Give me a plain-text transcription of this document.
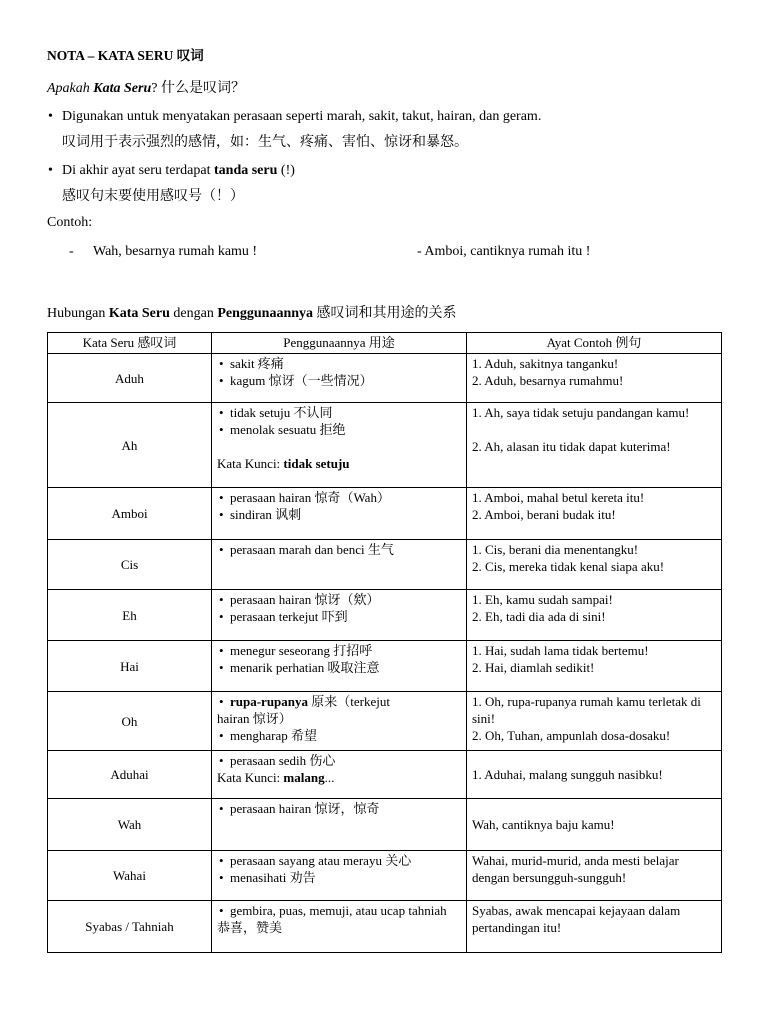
NOTA – KATA SERU 叹词
Apakah Kata Seru? 什么是叹词？
• Digunakan untuk menyatakan perasaan seperti marah, sakit, takut, hairan, dan geram.
叹词用于表示强烈的感情，如：生气、疼痛、害怕、惊讶和暴怒。
• Di akhir ayat seru terdapat tanda seru (!)
感叹句末要使用感叹号（！）
Contoh:
- Wah, besarnya rumah kamu !	- Amboi, cantiknya rumah itu !
Hubungan Kata Seru dengan Penggunaannya 感叹词和其用途的关系
Kata Seru 感叹词	Penggunaannya 用途	Ayat Contoh 例句
Aduh	• sakit 疼痛
• kagum 惊讶（一些情况）	1. Aduh, sakitnya tanganku!
2. Aduh, besarnya rumahmu!

Ah	• tidak setuju 不认同
• menolak sesuatu 拒绝
Kata Kunci: tidak setuju	1. Ah, saya tidak setuju pandangan kamu!
2. Ah, alasan itu tidak dapat kuterima!

Amboi	• perasaan hairan 惊奇（Wah）
• sindiran 讽刺	1. Amboi, mahal betul kereta itu!
2. Amboi, berani budak itu!

Cis	• perasaan marah dan benci 生气	1. Cis, berani dia menentangku!
2. Cis, mereka tidak kenal siapa aku!

Eh	• perasaan hairan 惊讶（欸）
• perasaan terkejut 吓到	1. Eh, kamu sudah sampai!
2. Eh, tadi dia ada di sini!

Hai	• menegur seseorang 打招呼
• menarik perhatian 吸取注意	1. Hai, sudah lama tidak bertemu!
2. Hai, diamlah sedikit!

Oh	• rupa-rupanya 原来（terkejut
hairan 惊讶）
• mengharap 希望	1. Oh, rupa-rupanya rumah kamu terletak di sini!
2. Oh, Tuhan, ampunlah dosa-dosaku!

Aduhai	• perasaan sedih 伤心
Kata Kunci: malang...	1. Aduhai, malang sungguh nasibku!

Wah	• perasaan hairan 惊讶，惊奇	Wah, cantiknya baju kamu!

Wahai	• perasaan sayang atau merayu 关心
• menasihati 劝告	Wahai, murid-murid, anda mesti belajar dengan bersungguh-sungguh!

Syabas / Tahniah	• gembira, puas, memuji, atau ucap tahniah 恭喜，赞美	Syabas, awak mencapai kejayaan dalam pertandingan itu!
